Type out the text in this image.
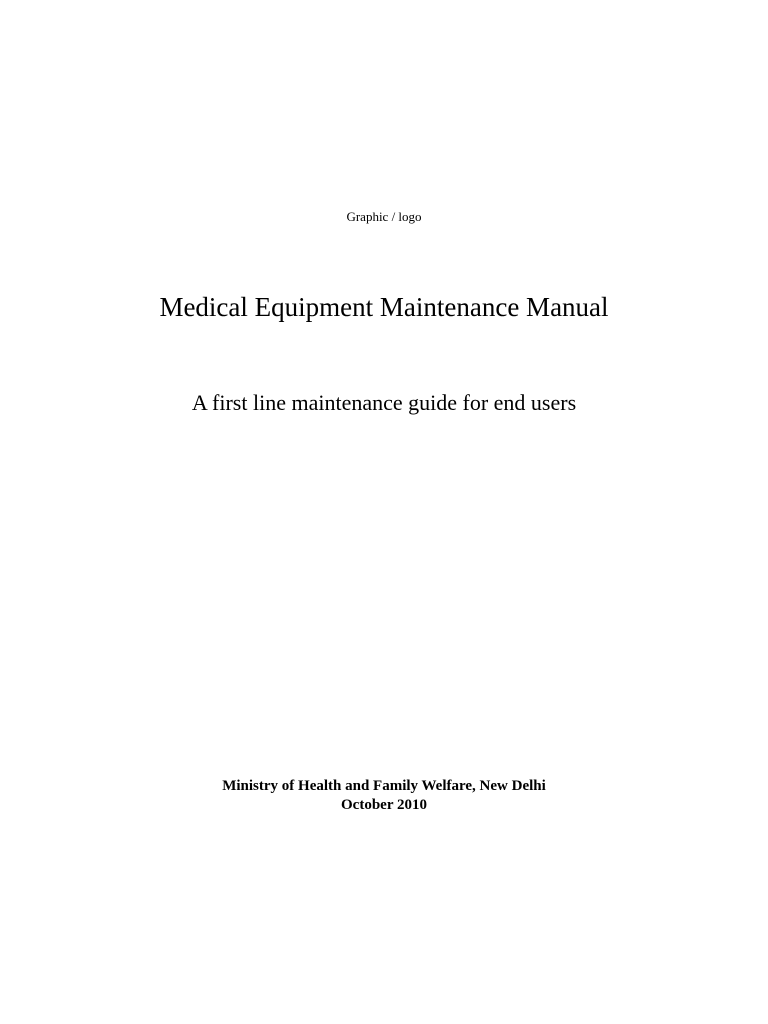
Graphic / logo
Medical Equipment Maintenance Manual
A first line maintenance guide for end users
Ministry of Health and Family Welfare, New Delhi
October 2010
